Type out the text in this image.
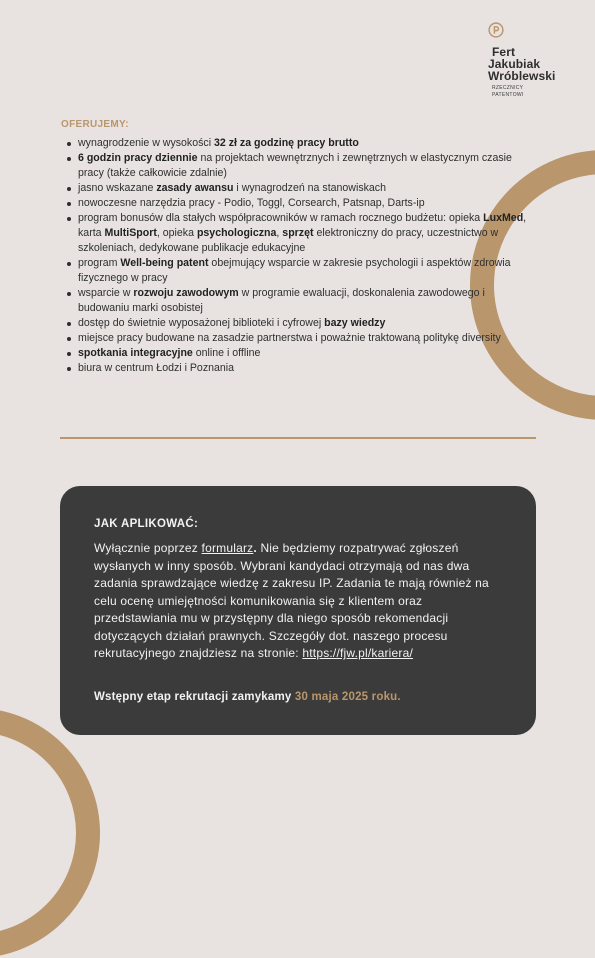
Fert
Jakubiak
Wróblewski
RZECZNICY
PATENTOWI
OFERUJEMY:
wynagrodzenie w wysokości 32 zł za godzinę pracy brutto
6 godzin pracy dziennie na projektach wewnętrznych i zewnętrznych w elastycznym czasie pracy (także całkowicie zdalnie)
jasno wskazane zasady awansu i wynagrodzeń na stanowiskach
nowoczesne narzędzia pracy - Podio, Toggl, Corsearch, Patsnap, Darts-ip
program bonusów dla stałych współpracowników w ramach rocznego budżetu: opieka LuxMed, karta MultiSport, opieka psychologiczna, sprzęt elektroniczny do pracy, uczestnictwo w szkoleniach, dedykowane publikacje edukacyjne
program Well-being patent obejmujący wsparcie w zakresie psychologii i aspektów zdrowia fizycznego w pracy
wsparcie w rozwoju zawodowym w programie ewaluacji, doskonalenia zawodowego i budowaniu marki osobistej
dostęp do świetnie wyposażonej biblioteki i cyfrowej bazy wiedzy
miejsce pracy budowane na zasadzie partnerstwa i poważnie traktowaną politykę diversity
spotkania integracyjne online i offline
biura w centrum Łodzi i Poznania
JAK APLIKOWAĆ:
Wyłącznie poprzez formularz. Nie będziemy rozpatrywać zgłoszeń wysłanych w inny sposób. Wybrani kandydaci otrzymają od nas dwa zadania sprawdzające wiedzę z zakresu IP. Zadania te mają również na celu ocenę umiejętności komunikowania się z klientem oraz przedstawiania mu w przystępny dla niego sposób rekomendacji dotyczących działań prawnych. Szczegóły dot. naszego procesu rekrutacyjnego znajdziesz na stronie: https://fjw.pl/kariera/
Wstępny etap rekrutacji zamykamy 30 maja 2025 roku.
